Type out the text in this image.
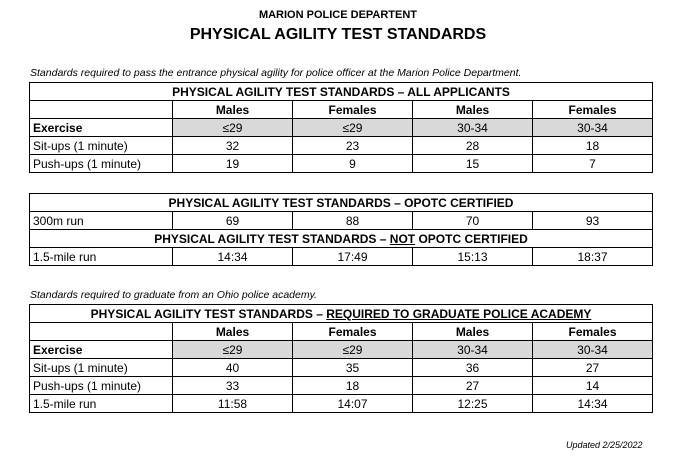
MARION POLICE DEPARTENT
PHYSICAL AGILITY TEST STANDARDS
Standards required to pass the entrance physical agility for police officer at the Marion Police Department.
PHYSICAL AGILITY TEST STANDARDS – ALL APPLICANTS				
	Males	Females	Males	Females
Exercise	≤29	≤29	30-34	30-34
Sit-ups (1 minute)	32	23	28	18
Push-ups (1 minute)	19	9	15	7
PHYSICAL AGILITY TEST STANDARDS – OPOTC CERTIFIED				
300m run	69	88	70	93
PHYSICAL AGILITY TEST STANDARDS – NOT OPOTC CERTIFIED				
1.5-mile run	14:34	17:49	15:13	18:37
Standards required to graduate from an Ohio police academy.
PHYSICAL AGILITY TEST STANDARDS – REQUIRED TO GRADUATE POLICE ACADEMY				
	Males	Females	Males	Females
Exercise	≤29	≤29	30-34	30-34
Sit-ups (1 minute)	40	35	36	27
Push-ups (1 minute)	33	18	27	14
1.5-mile run	11:58	14:07	12:25	14:34
Updated 2/25/2022
